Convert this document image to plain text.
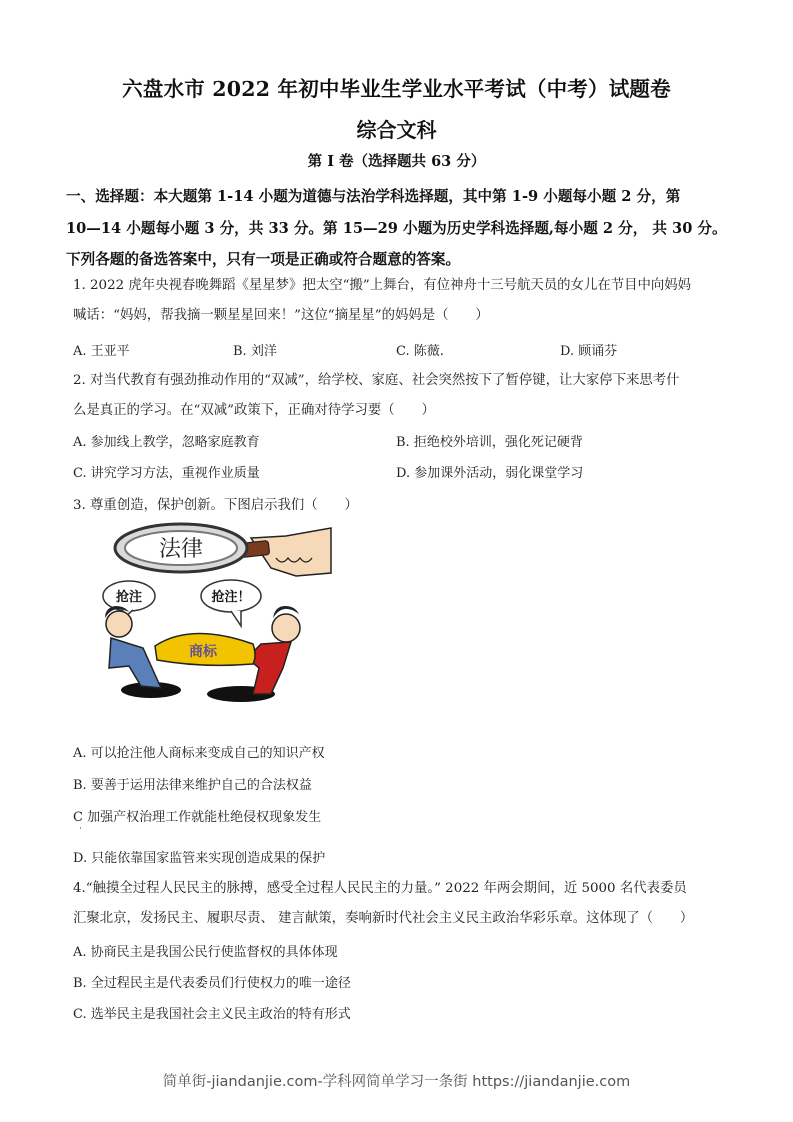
六盘水市 2022 年初中毕业生学业水平考试（中考）试题卷
综合文科
第 I 卷（选择题共 63 分）
一、选择题：本大题第 1-14 小题为道德与法治学科选择题，其中第 1-9 小题每小题 2 分，第
10—14 小题每小题 3 分，共 33 分。第 15—29 小题为历史学科选择题,每小题 2 分， 共 30 分。
下列各题的备选答案中，只有一项是正确或符合题意的答案。
1. 2022 虎年央视春晚舞蹈《星星梦》把太空“搬”上舞台，有位神舟十三号航天员的女儿在节目中向妈妈
喊话：“妈妈，帮我摘一颗星星回来！”这位“摘星星”的妈妈是（　　）
A. 王亚平	B. 刘洋	C. 陈薇.	D. 顾诵芬
2. 对当代教育有强劲推动作用的“双减”，给学校、家庭、社会突然按下了暂停键，让大家停下来思考什
么是真正的学习。在“双减”政策下，正确对待学习要（　　）
A. 参加线上教学，忽略家庭教育	B. 拒绝校外培训，强化死记硬背
C. 讲究学习方法，重视作业质量	D. 参加课外活动，弱化课堂学习
3. 尊重创造，保护创新。下图启示我们（　　）
法律
抢注	抢注！
商标
A. 可以抢注他人商标来变成自己的知识产权
B. 要善于运用法律来维护自己的合法权益
C 加强产权治理工作就能杜绝侵权现象发生
D. 只能依靠国家监管来实现创造成果的保护
4.“触摸全过程人民民主的脉搏，感受全过程人民民主的力量。” 2022 年两会期间，近 5000 名代表委员
汇聚北京，发扬民主、履职尽责、 建言献策，奏响新时代社会主义民主政治华彩乐章。这体现了（　　）
A. 协商民主是我国公民行使监督权的具体体现
B. 全过程民主是代表委员们行使权力的唯一途径
C. 选举民主是我国社会主义民主政治的特有形式
简单街-jiandanjie.com-学科网简单学习一条街 https://jiandanjie.com
